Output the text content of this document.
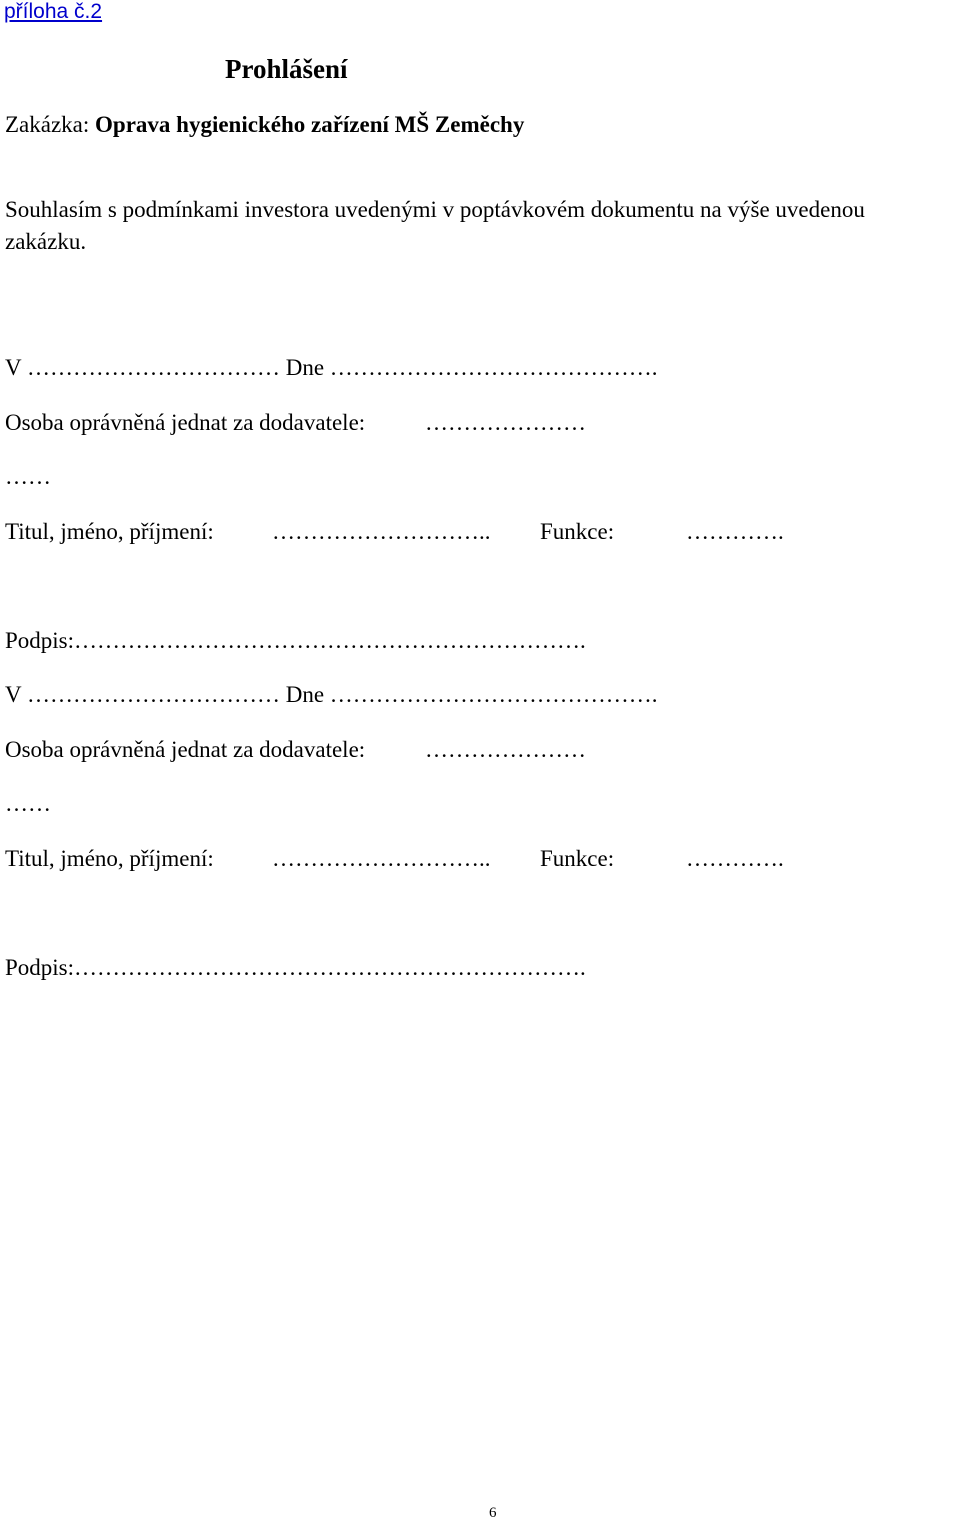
příloha č.2
Prohlášení
Zakázka: Oprava hygienického zařízení MŠ Zeměchy
Souhlasím s podmínkami investora uvedenými v poptávkovém dokumentu na výše uvedenou
zakázku.
V …………………………… Dne …………………………………….
Osoba oprávněná jednat za dodavatele:	…………………
……
Titul, jméno, příjmení:	……………………….. Funkce:	………….
Podpis:………………………………………………………….
V …………………………… Dne …………………………………….
Osoba oprávněná jednat za dodavatele:	…………………
……
Titul, jméno, příjmení:	……………………….. Funkce:	………….
Podpis:………………………………………………………….
6
